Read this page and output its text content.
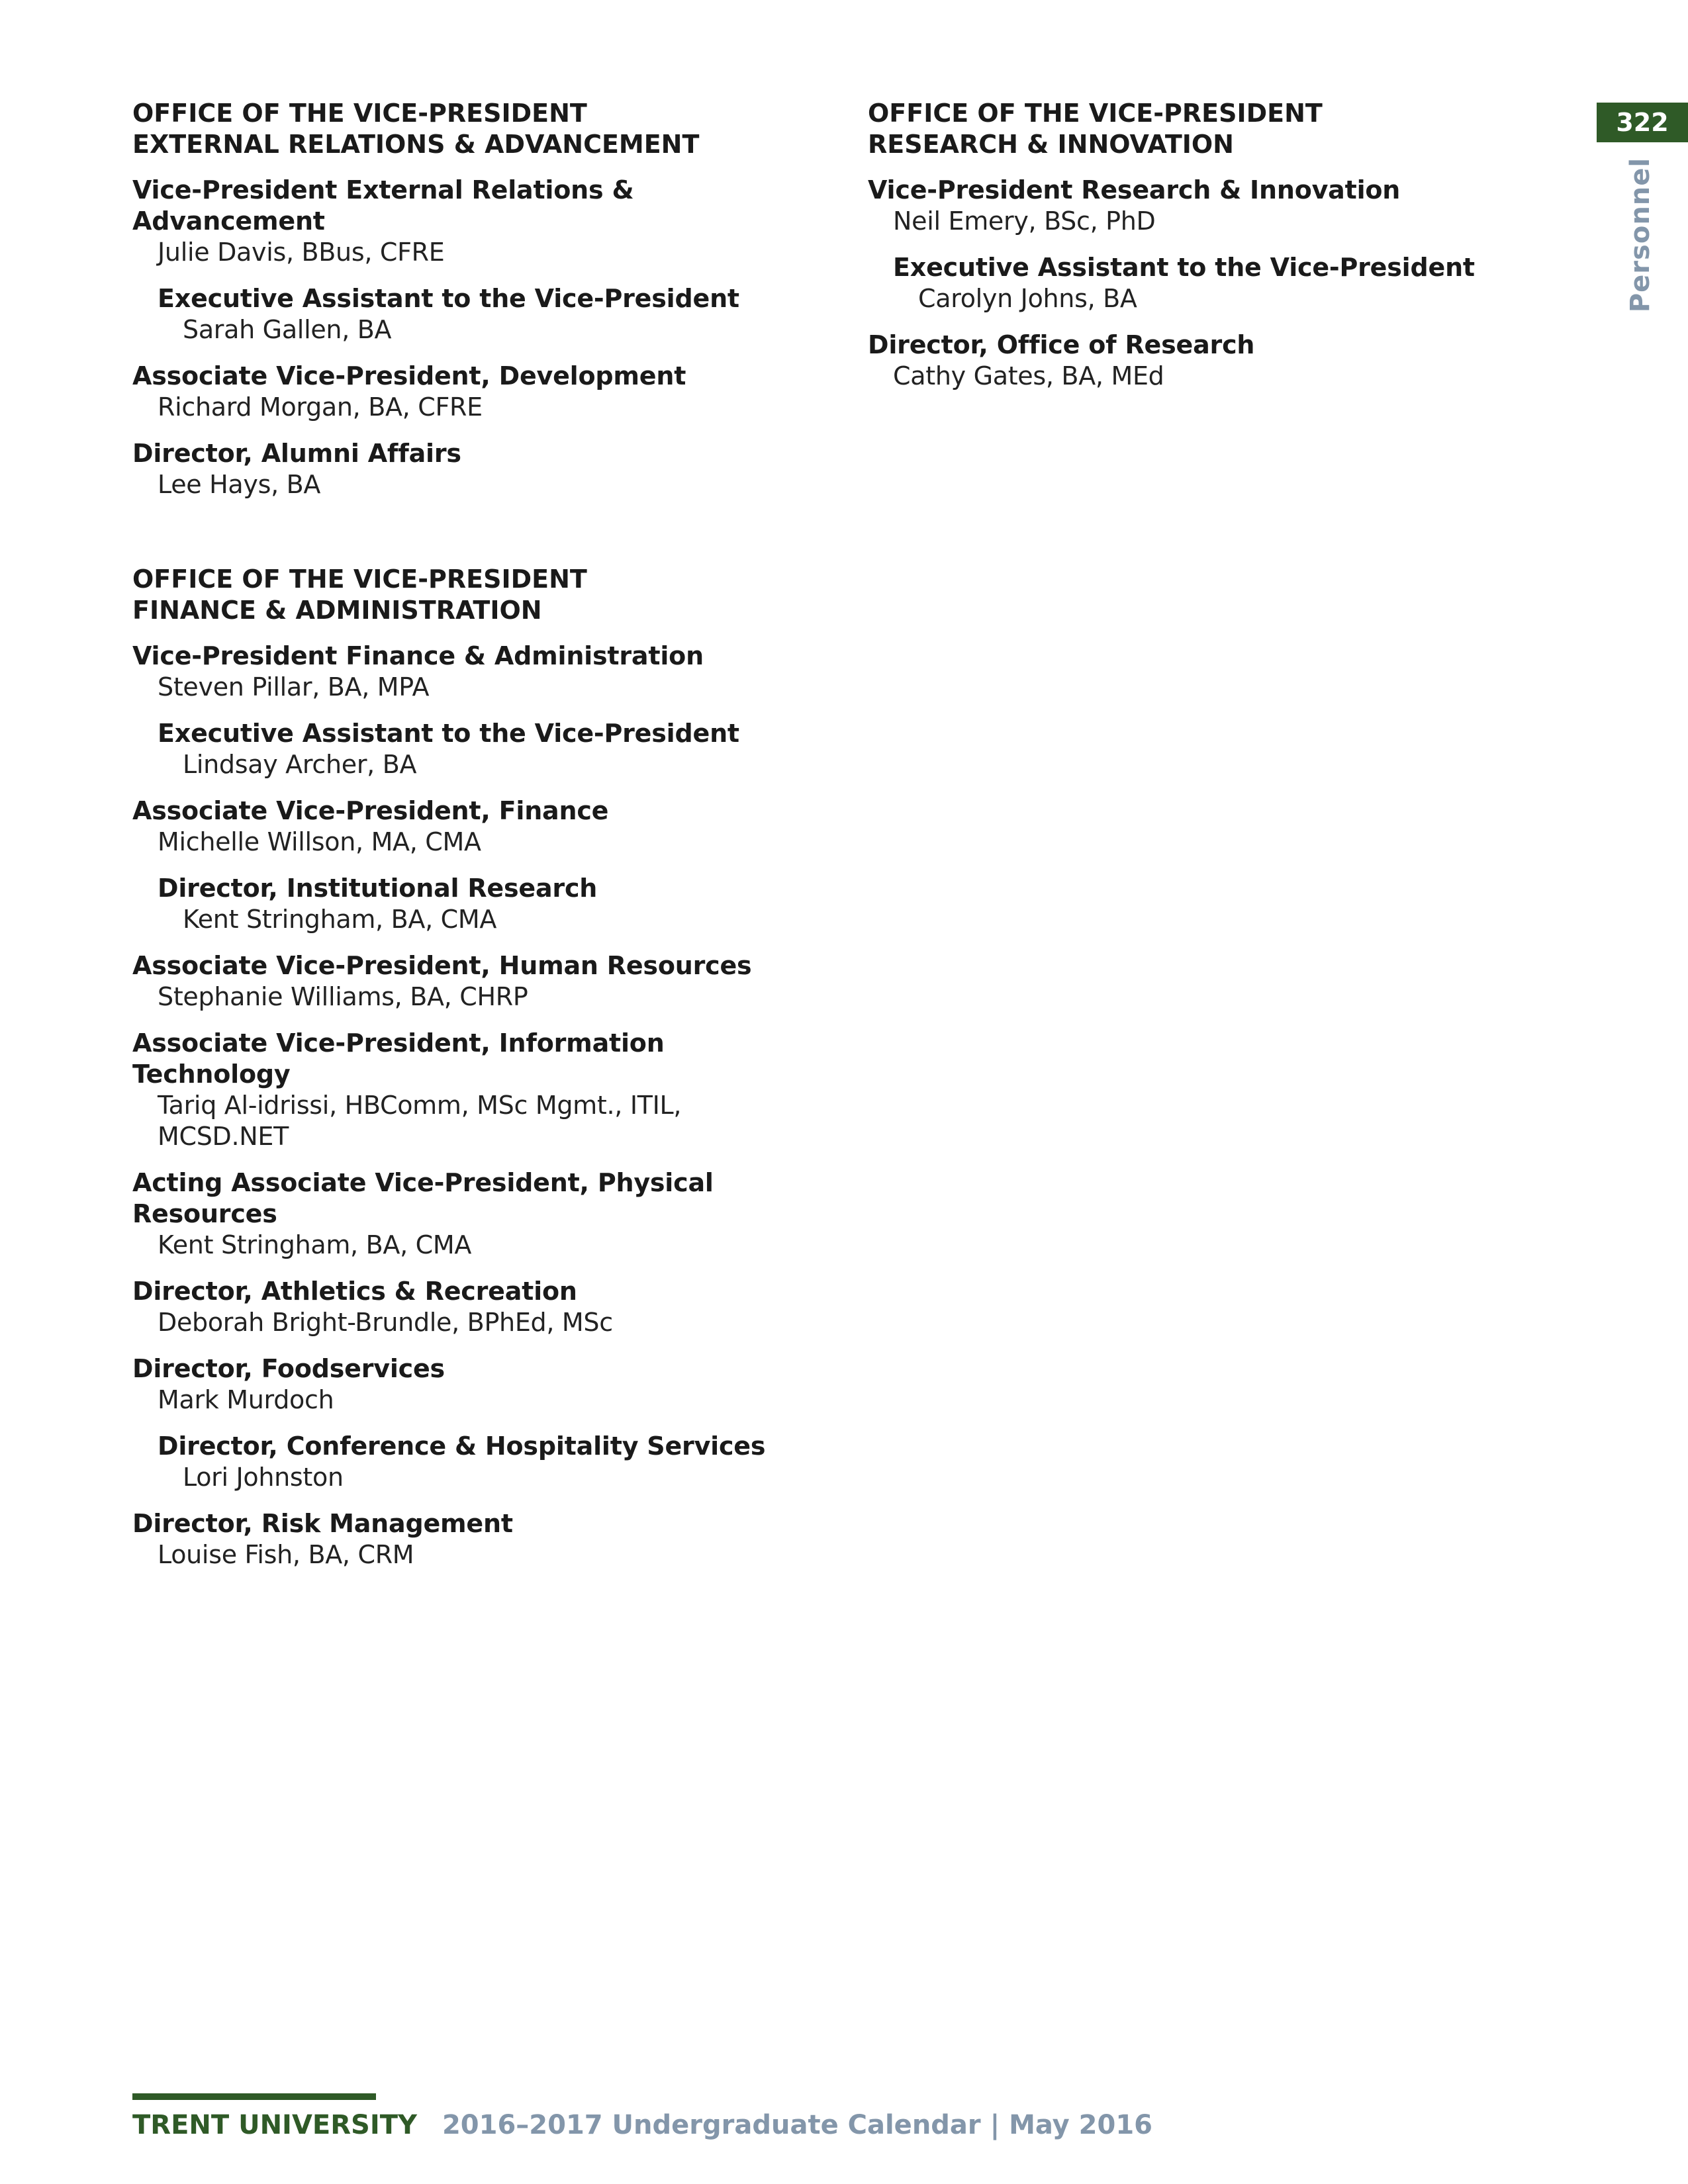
OFFICE OF THE VICE-PRESIDENT
EXTERNAL RELATIONS & ADVANCEMENT
Vice-President External Relations & Advancement
Julie Davis, BBus, CFRE
Executive Assistant to the Vice-President
Sarah Gallen, BA
Associate Vice-President, Development
Richard Morgan, BA, CFRE
Director, Alumni Affairs
Lee Hays, BA
OFFICE OF THE VICE-PRESIDENT
FINANCE & ADMINISTRATION
Vice-President Finance & Administration
Steven Pillar, BA, MPA
Executive Assistant to the Vice-President
Lindsay Archer, BA
Associate Vice-President, Finance
Michelle Willson, MA, CMA
Director, Institutional Research
Kent Stringham, BA, CMA
Associate Vice-President, Human Resources
Stephanie Williams, BA, CHRP
Associate Vice-President, Information Technology
Tariq Al-idrissi, HBComm, MSc Mgmt., ITIL, MCSD.NET
Acting Associate Vice-President, Physical Resources
Kent Stringham, BA, CMA
Director, Athletics & Recreation
Deborah Bright-Brundle, BPhEd, MSc
Director, Foodservices
Mark Murdoch
Director, Conference & Hospitality Services
Lori Johnston
Director, Risk Management
Louise Fish, BA, CRM
OFFICE OF THE VICE-PRESIDENT
RESEARCH & INNOVATION
Vice-President Research & Innovation
Neil Emery, BSc, PhD
Executive Assistant to the Vice-President
Carolyn Johns, BA
Director, Office of Research
Cathy Gates, BA, MEd
322
Personnel
TRENT UNIVERSITY 2016–2017 Undergraduate Calendar | May 2016
